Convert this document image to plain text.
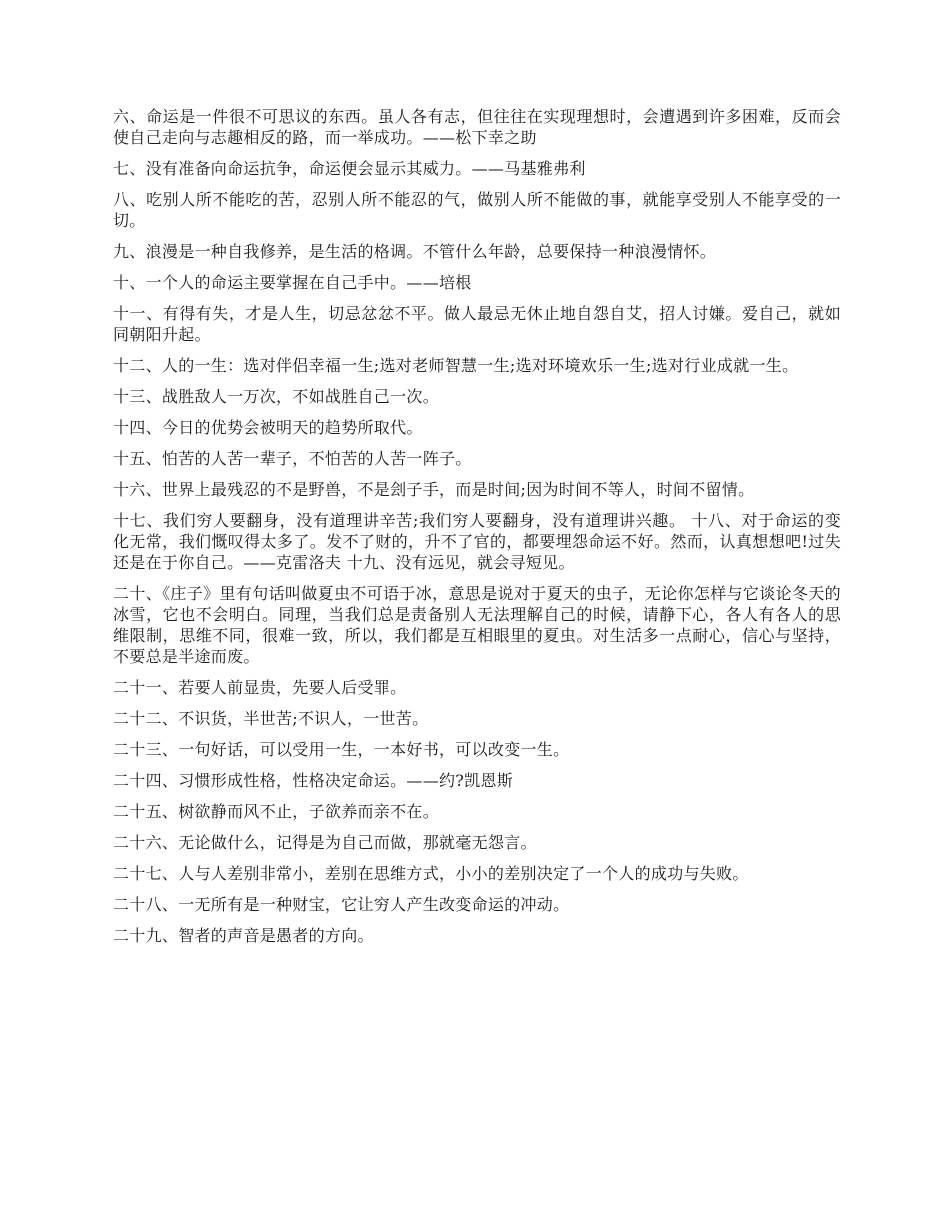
六、命运是一件很不可思议的东西。虽人各有志，但往往在实现理想时，会遭遇到许多困难，反而会使自己走向与志趣相反的路，而一举成功。——松下幸之助

七、没有准备向命运抗争，命运便会显示其威力。——马基雅弗利

八、吃别人所不能吃的苦，忍别人所不能忍的气，做别人所不能做的事，就能享受别人不能享受的一切。

九、浪漫是一种自我修养，是生活的格调。不管什么年龄，总要保持一种浪漫情怀。

十、一个人的命运主要掌握在自己手中。——培根

十一、有得有失，才是人生，切忌忿忿不平。做人最忌无休止地自怨自艾，招人讨嫌。爱自己，就如同朝阳升起。

十二、人的一生：选对伴侣幸福一生;选对老师智慧一生;选对环境欢乐一生;选对行业成就一生。

十三、战胜敌人一万次，不如战胜自己一次。

十四、今日的优势会被明天的趋势所取代。

十五、怕苦的人苦一辈子，不怕苦的人苦一阵子。

十六、世界上最残忍的不是野兽，不是刽子手，而是时间;因为时间不等人，时间不留情。

十七、我们穷人要翻身，没有道理讲辛苦;我们穷人要翻身，没有道理讲兴趣。 十八、对于命运的变化无常，我们慨叹得太多了。发不了财的，升不了官的，都要埋怨命运不好。然而，认真想想吧!过失还是在于你自己。——克雷洛夫 十九、没有远见，就会寻短见。

二十、《庄子》里有句话叫做夏虫不可语于冰，意思是说对于夏天的虫子，无论你怎样与它谈论冬天的冰雪，它也不会明白。同理，当我们总是责备别人无法理解自己的时候，请静下心，各人有各人的思维限制，思维不同，很难一致，所以，我们都是互相眼里的夏虫。对生活多一点耐心，信心与坚持，不要总是半途而废。

二十一、若要人前显贵，先要人后受罪。

二十二、不识货，半世苦;不识人，一世苦。

二十三、一句好话，可以受用一生，一本好书，可以改变一生。

二十四、习惯形成性格，性格决定命运。——约?凯恩斯

二十五、树欲静而风不止，子欲养而亲不在。

二十六、无论做什么，记得是为自己而做，那就毫无怨言。

二十七、人与人差别非常小，差别在思维方式，小小的差别决定了一个人的成功与失败。

二十八、一无所有是一种财宝，它让穷人产生改变命运的冲动。

二十九、智者的声音是愚者的方向。
